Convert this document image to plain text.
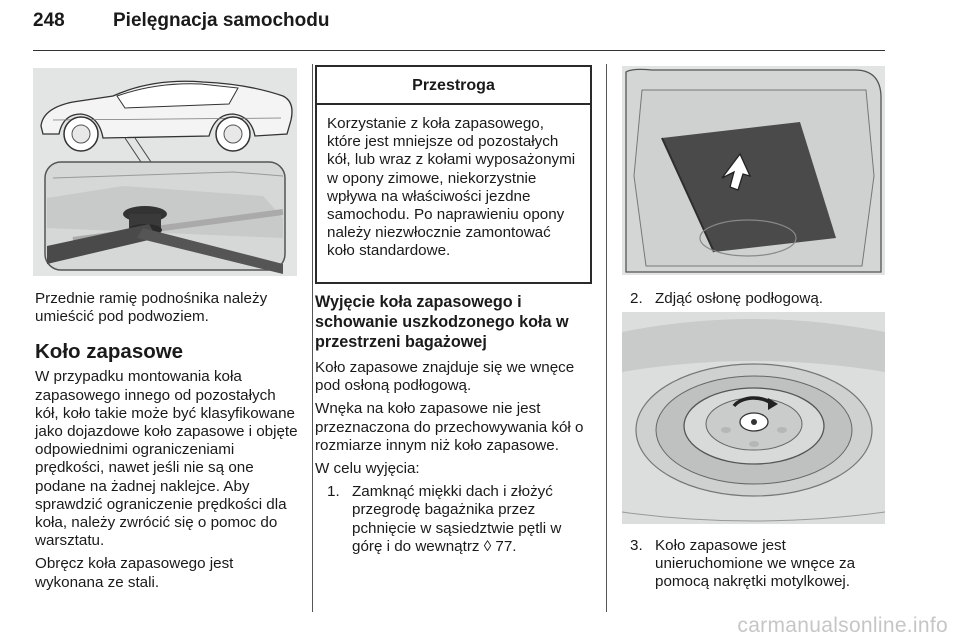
248	Pielęgnacja samochodu

Przednie ramię podnośnika należy umieścić pod podwoziem.

Koło zapasowe

W przypadku montowania koła zapasowego innego od pozostałych kół, koło takie może być klasyfikowane jako dojazdowe koło zapasowe i objęte odpowiednimi ograniczeniami prędkości, nawet jeśli nie są one podane na żadnej naklejce. Aby sprawdzić ograniczenie prędkości dla koła, należy zwrócić się o pomoc do warsztatu.

Obręcz koła zapasowego jest wykonana ze stali.

Przestroga
Korzystanie z koła zapasowego, które jest mniejsze od pozostałych kół, lub wraz z kołami wyposażonymi w opony zimowe, niekorzystnie wpływa na właściwości jezdne samochodu. Po naprawieniu opony należy niezwłocznie zamontować koło standardowe.
Wyjęcie koła zapasowego i schowanie uszkodzonego koła w przestrzeni bagażowej

Koło zapasowe znajduje się we wnęce pod osłoną podłogową.

Wnęka na koło zapasowe nie jest przeznaczona do przechowywania kół o rozmiarze innym niż koło zapasowe.

W celu wyjęcia:

1. Zamknąć miękki dach i złożyć przegrodę bagażnika przez pchnięcie w sąsiedztwie pętli w górę i do wewnątrz ◊ 77.
2. Zdjąć osłonę podłogową.
3. Koło zapasowe jest unieruchomione we wnęce za pomocą nakrętki motylkowej.
carmanualsonline.info
